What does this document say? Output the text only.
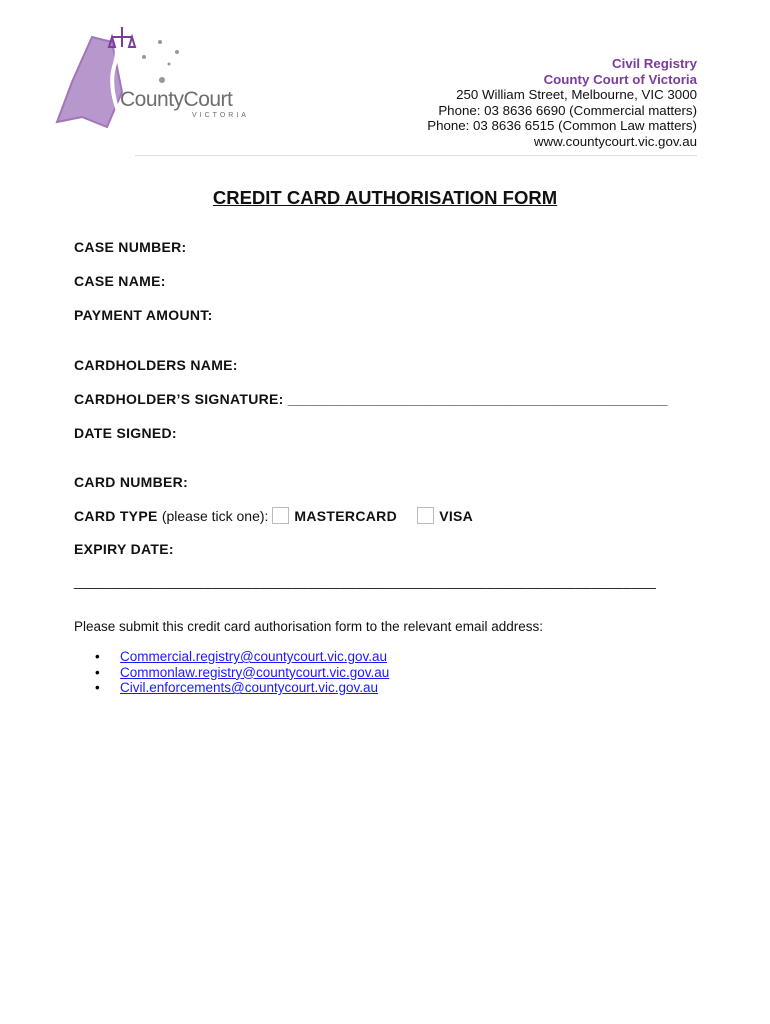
CountyCourt
VICTORIA
Civil Registry
County Court of Victoria
250 William Street, Melbourne, VIC 3000
Phone: 03 8636 6690 (Commercial matters)
Phone: 03 8636 6515 (Common Law matters)
www.countycourt.vic.gov.au
CREDIT CARD AUTHORISATION FORM
CASE NUMBER:
CASE NAME:
PAYMENT AMOUNT:
CARDHOLDERS NAME:
CARDHOLDER’S SIGNATURE: _______________________________________________
DATE SIGNED:
CARD NUMBER:
CARD TYPE (please tick one): MASTERCARD	VISA
EXPIRY DATE:
________________________________________________________________________
Please submit this credit card authorisation form to the relevant email address:
• Commercial.registry@countycourt.vic.gov.au
• Commonlaw.registry@countycourt.vic.gov.au
• Civil.enforcements@countycourt.vic.gov.au
